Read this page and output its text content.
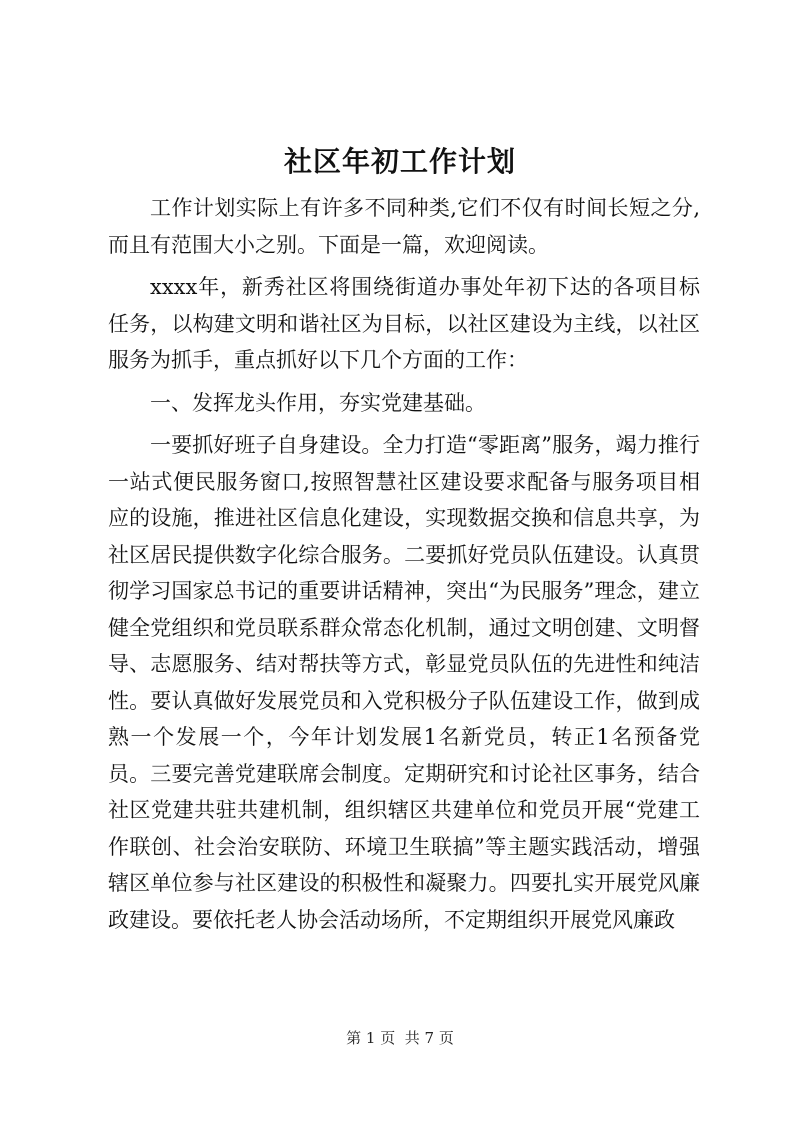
社区年初工作计划

工作计划实际上有许多不同种类,它们不仅有时间长短之分,而且有范围大小之别。下面是一篇，欢迎阅读。

xxxx年，新秀社区将围绕街道办事处年初下达的各项目标任务，以构建文明和谐社区为目标，以社区建设为主线，以社区服务为抓手，重点抓好以下几个方面的工作：

一、发挥龙头作用，夯实党建基础。

一要抓好班子自身建设。全力打造“零距离”服务，竭力推行一站式便民服务窗口,按照智慧社区建设要求配备与服务项目相应的设施，推进社区信息化建设，实现数据交换和信息共享，为社区居民提供数字化综合服务。二要抓好党员队伍建设。认真贯彻学习国家总书记的重要讲话精神，突出“为民服务”理念，建立健全党组织和党员联系群众常态化机制，通过文明创建、文明督导、志愿服务、结对帮扶等方式，彰显党员队伍的先进性和纯洁性。要认真做好发展党员和入党积极分子队伍建设工作，做到成熟一个发展一个，今年计划发展1名新党员，转正1名预备党员。三要完善党建联席会制度。定期研究和讨论社区事务，结合社区党建共驻共建机制，组织辖区共建单位和党员开展“党建工作联创、社会治安联防、环境卫生联搞”等主题实践活动，增强辖区单位参与社区建设的积极性和凝聚力。四要扎实开展党风廉政建设。要依托老人协会活动场所，不定期组织开展党风廉政

第 1 页  共 7 页
